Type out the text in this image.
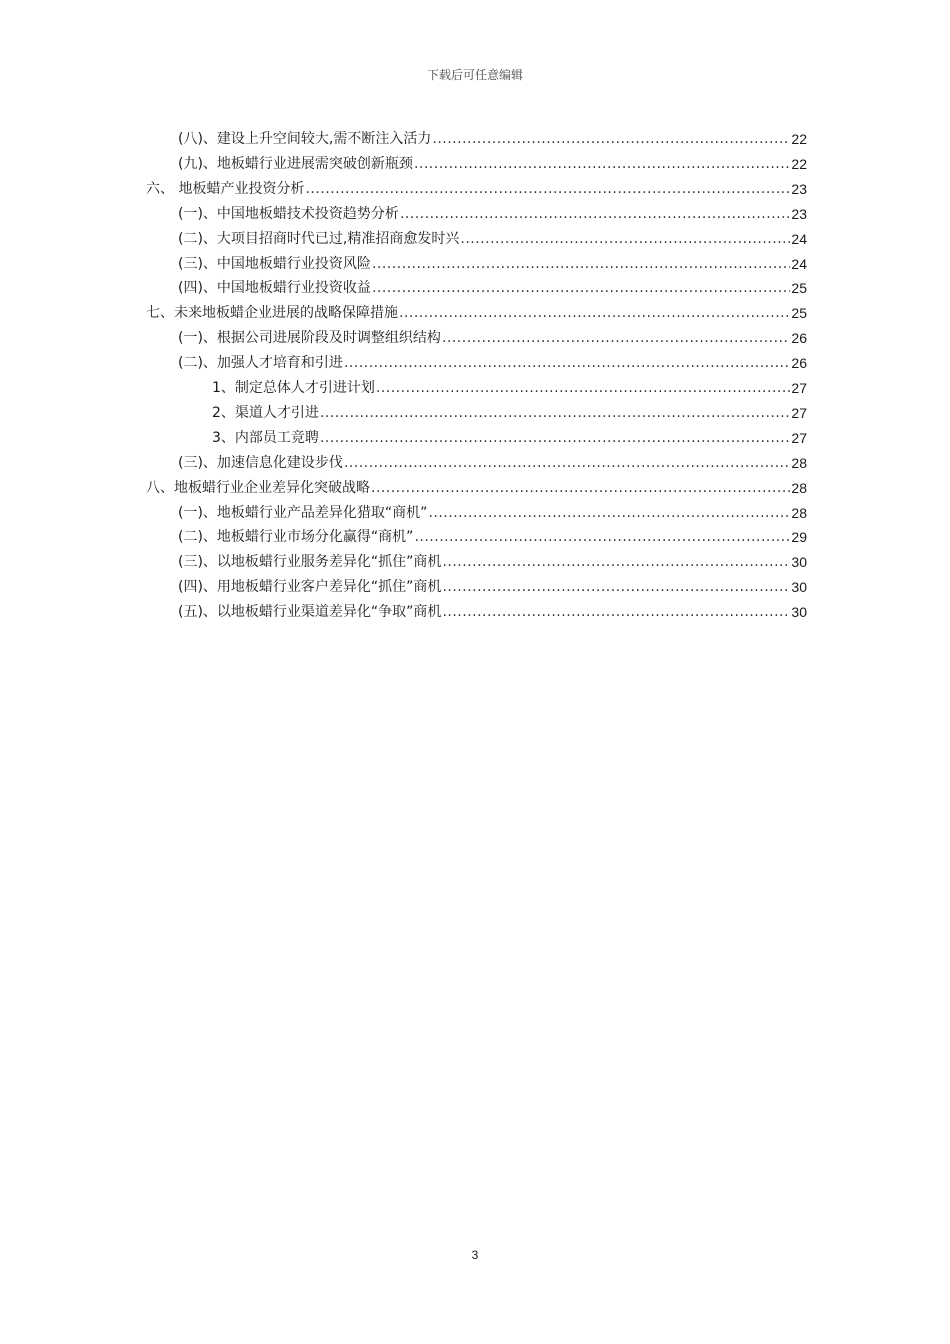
下载后可任意编辑
(八)、建设上升空间较大,需不断注入活力 .....	22
(九)、地板蜡行业进展需突破创新瓶颈 .....	22
六、 地板蜡产业投资分析 .....	23
(一)、中国地板蜡技术投资趋势分析 .....	23
(二)、大项目招商时代已过,精准招商愈发时兴 .....	24
(三)、中国地板蜡行业投资风险 .....	24
(四)、中国地板蜡行业投资收益 .....	25
七、未来地板蜡企业进展的战略保障措施 .....	25
(一)、根据公司进展阶段及时调整组织结构 .....	26
(二)、加强人才培育和引进 .....	26
1、制定总体人才引进计划 .....	27
2、渠道人才引进 .....	27
3、内部员工竞聘 .....	27
(三)、加速信息化建设步伐 .....	28
八、地板蜡行业企业差异化突破战略 .....	28
(一)、地板蜡行业产品差异化猎取“商机” .....	28
(二)、地板蜡行业市场分化赢得“商机” .....	29
(三)、以地板蜡行业服务差异化“抓住”商机 .....	30
(四)、用地板蜡行业客户差异化“抓住”商机 .....	30
(五)、以地板蜡行业渠道差异化“争取”商机 .....	30
3
